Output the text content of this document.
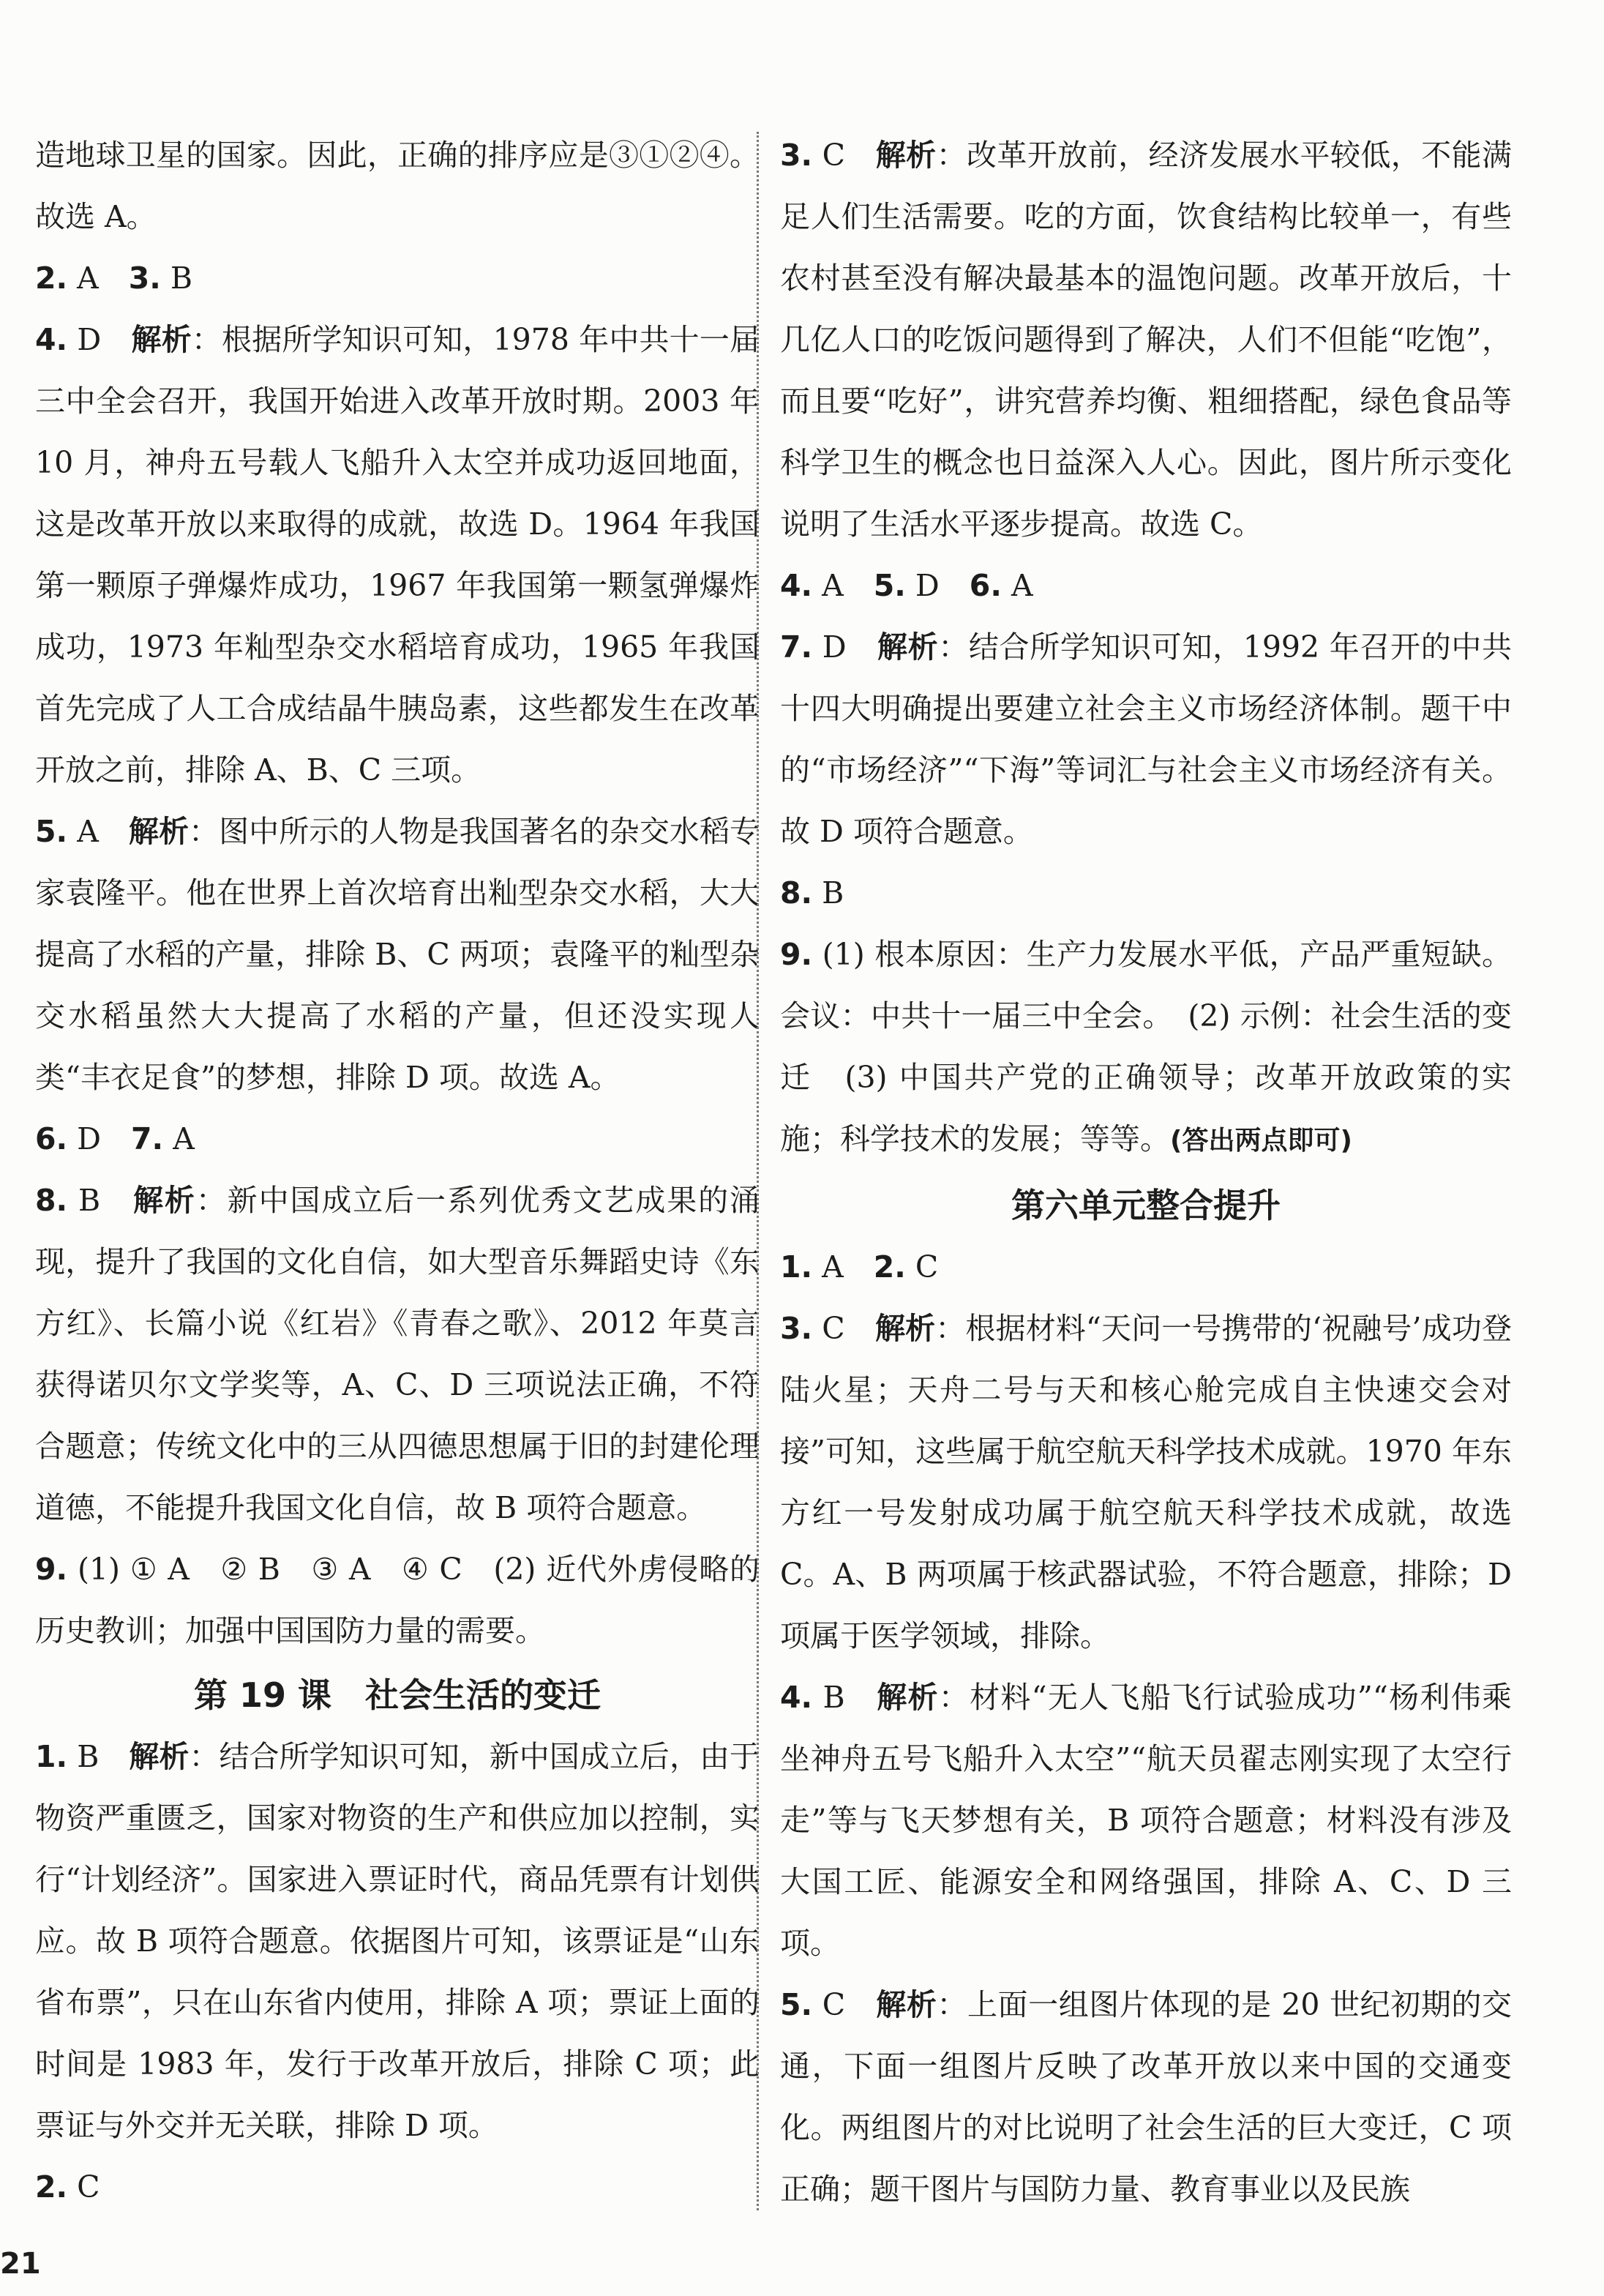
造地球卫星的国家。因此，正确的排序应是③①②④。故选 A。

2. A　 3. B

4. D　 解析：根据所学知识可知，1978 年中共十一届三中全会召开，我国开始进入改革开放时期。2003 年 10 月，神舟五号载人飞船升入太空并成功返回地面，这是改革开放以来取得的成就，故选 D。1964 年我国第一颗原子弹爆炸成功，1967 年我国第一颗氢弹爆炸成功，1973 年籼型杂交水稻培育成功，1965 年我国首先完成了人工合成结晶牛胰岛素，这些都发生在改革开放之前，排除 A、B、C 三项。

5. A　 解析：图中所示的人物是我国著名的杂交水稻专家袁隆平。他在世界上首次培育出籼型杂交水稻，大大提高了水稻的产量，排除 B、C 两项；袁隆平的籼型杂交水稻虽然大大提高了水稻的产量，但还没实现人类“丰衣足食”的梦想，排除 D 项。故选 A。

6. D　 7. A

8. B　 解析：新中国成立后一系列优秀文艺成果的涌现，提升了我国的文化自信，如大型音乐舞蹈史诗《东方红》、长篇小说《红岩》《青春之歌》、2012 年莫言获得诺贝尔文学奖等，A、C、D 三项说法正确，不符合题意；传统文化中的三从四德思想属于旧的封建伦理道德，不能提升我国文化自信，故 B 项符合题意。

9. (1) ① A　② B　③ A　④ C　(2) 近代外虏侵略的历史教训；加强中国国防力量的需要。

第 19 课　社会生活的变迁

1. B　 解析：结合所学知识可知，新中国成立后，由于物资严重匮乏，国家对物资的生产和供应加以控制，实行“计划经济”。国家进入票证时代，商品凭票有计划供应。故 B 项符合题意。依据图片可知，该票证是“山东省布票”，只在山东省内使用，排除 A 项；票证上面的时间是 1983 年，发行于改革开放后，排除 C 项；此票证与外交并无关联，排除 D 项。

2. C

3. C　 解析：改革开放前，经济发展水平较低，不能满足人们生活需要。吃的方面，饮食结构比较单一，有些农村甚至没有解决最基本的温饱问题。改革开放后，十几亿人口的吃饭问题得到了解决，人们不但能“吃饱”，而且要“吃好”，讲究营养均衡、粗细搭配，绿色食品等科学卫生的概念也日益深入人心。因此，图片所示变化说明了生活水平逐步提高。故选 C。

4. A　 5. D　 6. A

7. D　 解析：结合所学知识可知，1992 年召开的中共十四大明确提出要建立社会主义市场经济体制。题干中的“市场经济”“下海”等词汇与社会主义市场经济有关。故 D 项符合题意。

8. B

9. (1) 根本原因：生产力发展水平低，产品严重短缺。会议：中共十一届三中全会。　(2) 示例：社会生活的变迁　(3) 中国共产党的正确领导；改革开放政策的实施；科学技术的发展；等等。(答出两点即可)

第六单元整合提升

1. A　 2. C

3. C　 解析：根据材料“天问一号携带的‘祝融号’成功登陆火星；天舟二号与天和核心舱完成自主快速交会对接”可知，这些属于航空航天科学技术成就。1970 年东方红一号发射成功属于航空航天科学技术成就，故选 C。A、B 两项属于核武器试验，不符合题意，排除；D 项属于医学领域，排除。

4. B　 解析：材料“无人飞船飞行试验成功”“杨利伟乘坐神舟五号飞船升入太空”“航天员翟志刚实现了太空行走”等与飞天梦想有关，B 项符合题意；材料没有涉及大国工匠、能源安全和网络强国，排除 A、C、D 三项。

5. C　 解析：上面一组图片体现的是 20 世纪初期的交通，下面一组图片反映了改革开放以来中国的交通变化。两组图片的对比说明了社会生活的巨大变迁，C 项正确；题干图片与国防力量、教育事业以及民族

21
